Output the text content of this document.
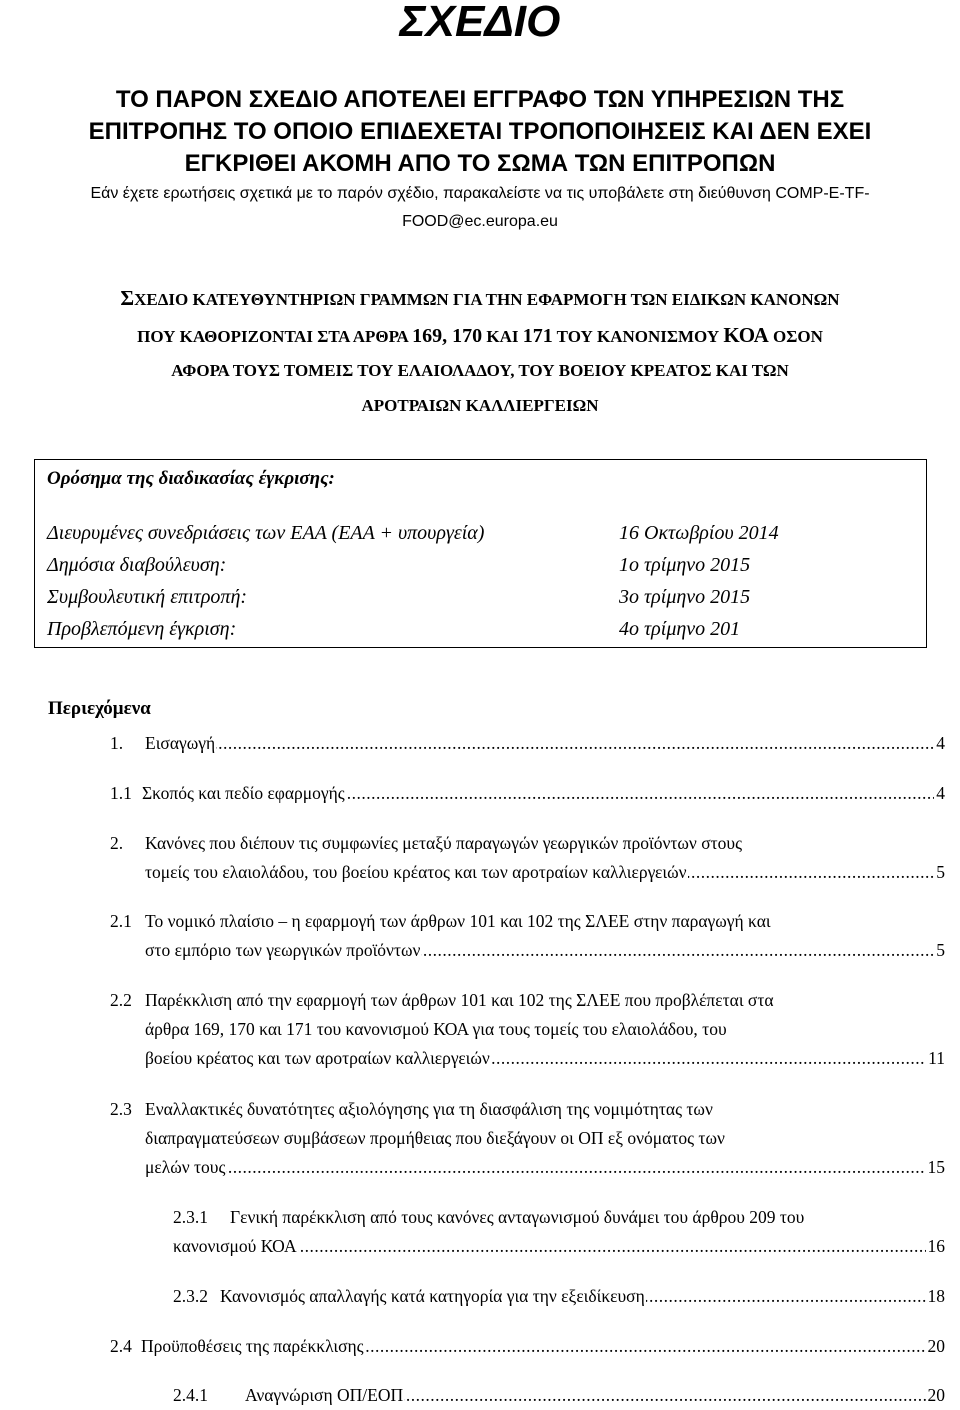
ΣΧΕΔΙΟ
ΤΟ ΠΑΡΟΝ ΣΧΕΔΙΟ ΑΠΟΤΕΛΕΙ ΕΓΓΡΑΦΟ ΤΩΝ ΥΠΗΡΕΣΙΩΝ ΤΗΣ
ΕΠΙΤΡΟΠΗΣ ΤΟ ΟΠΟΙΟ ΕΠΙΔΕΧΕΤΑΙ ΤΡΟΠΟΠΟΙΗΣΕΙΣ ΚΑΙ ΔΕΝ ΕΧΕΙ
ΕΓΚΡΙΘΕΙ ΑΚΟΜΗ ΑΠΟ ΤΟ ΣΩΜΑ ΤΩΝ ΕΠΙΤΡΟΠΩΝ
Εάν έχετε ερωτήσεις σχετικά με το παρόν σχέδιο, παρακαλείστε να τις υποβάλετε στη διεύθυνση COMP-E-TF-
FOOD@ec.europa.eu
ΣΧΕΔΙΟ ΚΑΤΕΥΘΥΝΤΗΡΙΩΝ ΓΡΑΜΜΩΝ ΓΙΑ ΤΗΝ ΕΦΑΡΜΟΓΗ ΤΩΝ ΕΙΔΙΚΩΝ ΚΑΝΟΝΩΝ
ΠΟΥ ΚΑΘΟΡΙΖΟΝΤΑΙ ΣΤΑ ΑΡΘΡΑ 169, 170 ΚΑΙ 171 ΤΟΥ ΚΑΝΟΝΙΣΜΟΥ ΚΟΑ ΟΣΟΝ
ΑΦΟΡΑ ΤΟΥΣ ΤΟΜΕΙΣ ΤΟΥ ΕΛΑΙΟΛΑΔΟΥ, ΤΟΥ ΒΟΕΙΟΥ ΚΡΕΑΤΟΣ ΚΑΙ ΤΩΝ
ΑΡΟΤΡΑΙΩΝ ΚΑΛΛΙΕΡΓΕΙΩΝ
Ορόσημα της διαδικασίας έγκρισης:
Διευρυμένες συνεδριάσεις των ΕΑΑ (ΕΑΑ + υπουργεία)	16 Οκτωβρίου 2014
Δημόσια διαβούλευση:	1ο τρίμηνο 2015
Συμβουλευτική επιτροπή:	3ο τρίμηνο 2015
Προβλεπόμενη έγκριση:	4ο τρίμηνο 201
Περιεχόμενα
1. ..... Εισαγωγή	4
1.1 ..... Σκοπός και πεδίο εφαρμογής	4
2. Κανόνες που διέπουν τις συμφωνίες μεταξύ παραγωγών γεωργικών προϊόντων στους
..... τομείς του ελαιολάδου, του βοείου κρέατος και των αροτραίων καλλιεργειών	5
2.1 Το νομικό πλαίσιο – η εφαρμογή των άρθρων 101 και 102 της ΣΛΕΕ στην παραγωγή και
..... στο εμπόριο των γεωργικών προϊόντων	5
2.2 Παρέκκλιση από την εφαρμογή των άρθρων 101 και 102 της ΣΛΕΕ που προβλέπεται στα
άρθρα 169, 170 και 171 του κανονισμού ΚΟΑ για τους τομείς του ελαιολάδου, του
..... βοείου κρέατος και των αροτραίων καλλιεργειών	11
2.3 Εναλλακτικές δυνατότητες αξιολόγησης για τη διασφάλιση της νομιμότητας των
διαπραγματεύσεων συμβάσεων προμήθειας που διεξάγουν οι ΟΠ εξ ονόματος των
..... μελών τους	15
2.3.1 Γενική παρέκκλιση από τους κανόνες ανταγωνισμού δυνάμει του άρθρου 209 του
..... κανονισμού ΚΟΑ	16
2.3.2 ..... Κανονισμός απαλλαγής κατά κατηγορία για την εξειδίκευση	18
2.4 ..... Προϋποθέσεις της παρέκκλισης	20
2.4.1 ..... Αναγνώριση ΟΠ/ΕΟΠ	20
